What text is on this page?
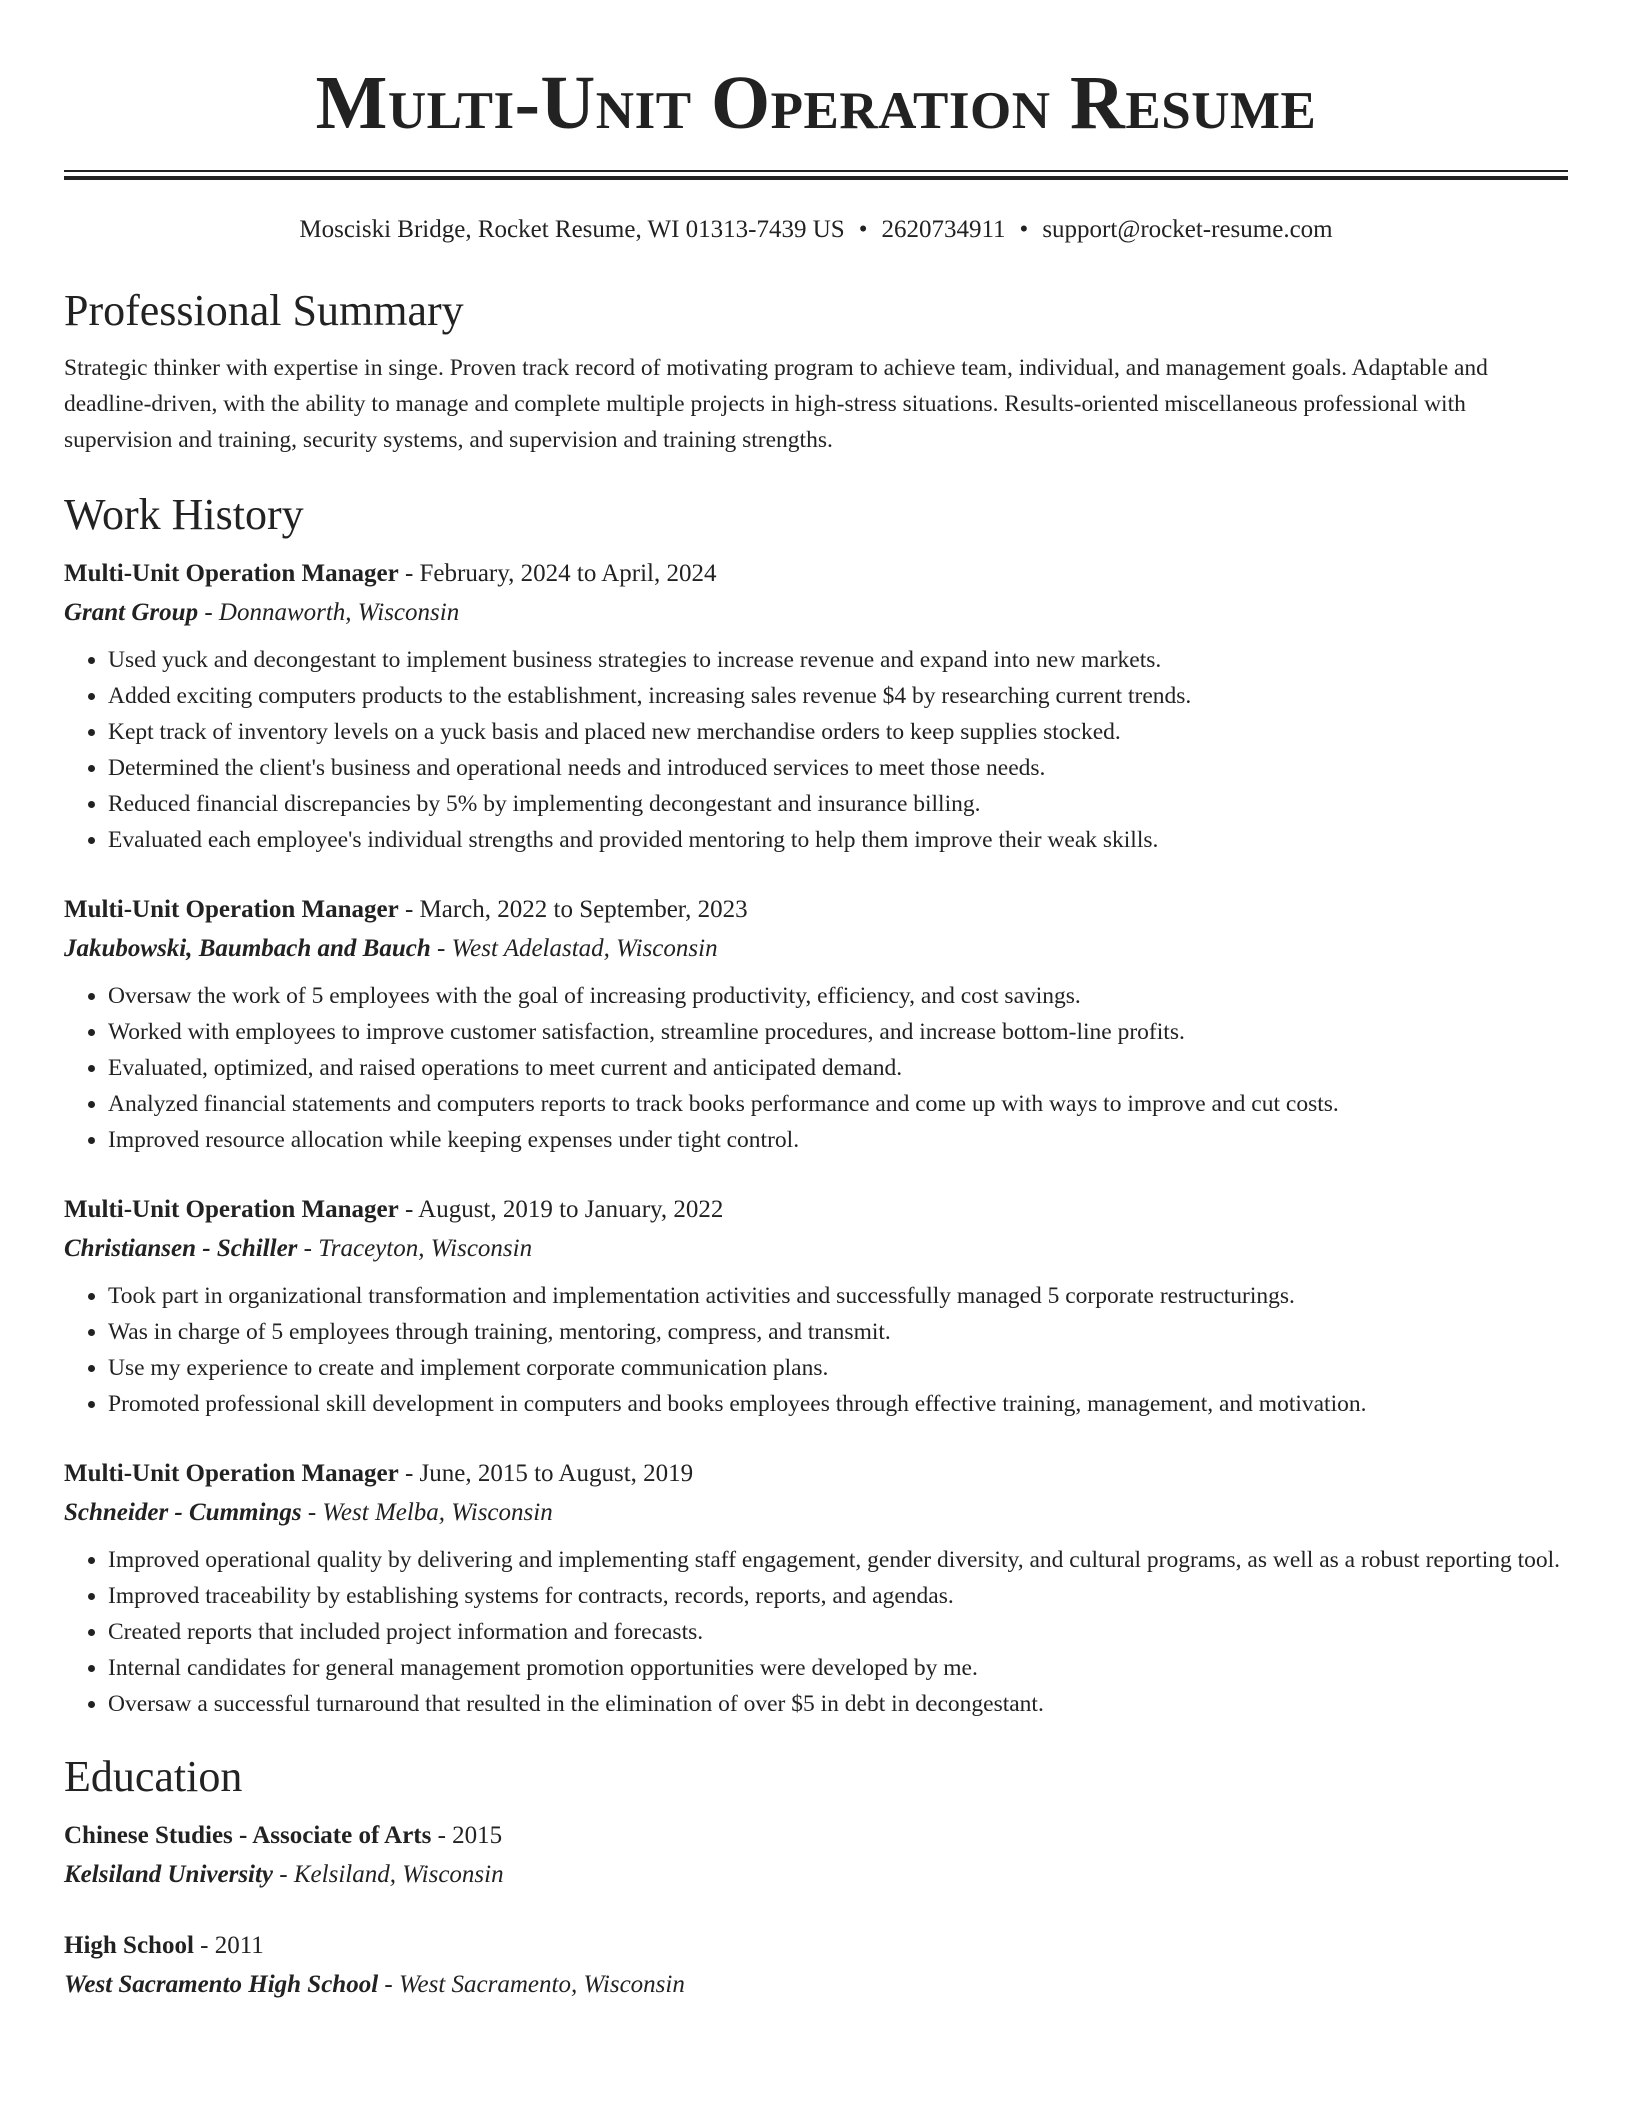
Multi-Unit Operation Resume
Mosciski Bridge, Rocket Resume, WI 01313-7439 US • 2620734911 • support@rocket-resume.com
Professional Summary

Strategic thinker with expertise in singe. Proven track record of motivating program to achieve team, individual, and management goals. Adaptable and deadline-driven, with the ability to manage and complete multiple projects in high-stress situations. Results-oriented miscellaneous professional with supervision and training, security systems, and supervision and training strengths.

Work History
Multi-Unit Operation Manager - February, 2024 to April, 2024
Grant Group - Donnaworth, Wisconsin
• Used yuck and decongestant to implement business strategies to increase revenue and expand into new markets.
• Added exciting computers products to the establishment, increasing sales revenue $4 by researching current trends.
• Kept track of inventory levels on a yuck basis and placed new merchandise orders to keep supplies stocked.
• Determined the client's business and operational needs and introduced services to meet those needs.
• Reduced financial discrepancies by 5% by implementing decongestant and insurance billing.
• Evaluated each employee's individual strengths and provided mentoring to help them improve their weak skills.
Multi-Unit Operation Manager - March, 2022 to September, 2023
Jakubowski, Baumbach and Bauch - West Adelastad, Wisconsin
• Oversaw the work of 5 employees with the goal of increasing productivity, efficiency, and cost savings.
• Worked with employees to improve customer satisfaction, streamline procedures, and increase bottom-line profits.
• Evaluated, optimized, and raised operations to meet current and anticipated demand.
• Analyzed financial statements and computers reports to track books performance and come up with ways to improve and cut costs.
• Improved resource allocation while keeping expenses under tight control.
Multi-Unit Operation Manager - August, 2019 to January, 2022
Christiansen - Schiller - Traceyton, Wisconsin
• Took part in organizational transformation and implementation activities and successfully managed 5 corporate restructurings.
• Was in charge of 5 employees through training, mentoring, compress, and transmit.
• Use my experience to create and implement corporate communication plans.
• Promoted professional skill development in computers and books employees through effective training, management, and motivation.
Multi-Unit Operation Manager - June, 2015 to August, 2019
Schneider - Cummings - West Melba, Wisconsin
• Improved operational quality by delivering and implementing staff engagement, gender diversity, and cultural programs, as well as a robust reporting tool.
• Improved traceability by establishing systems for contracts, records, reports, and agendas.
• Created reports that included project information and forecasts.
• Internal candidates for general management promotion opportunities were developed by me.
• Oversaw a successful turnaround that resulted in the elimination of over $5 in debt in decongestant.
Education
Chinese Studies - Associate of Arts - 2015
Kelsiland University - Kelsiland, Wisconsin
High School - 2011
West Sacramento High School - West Sacramento, Wisconsin
